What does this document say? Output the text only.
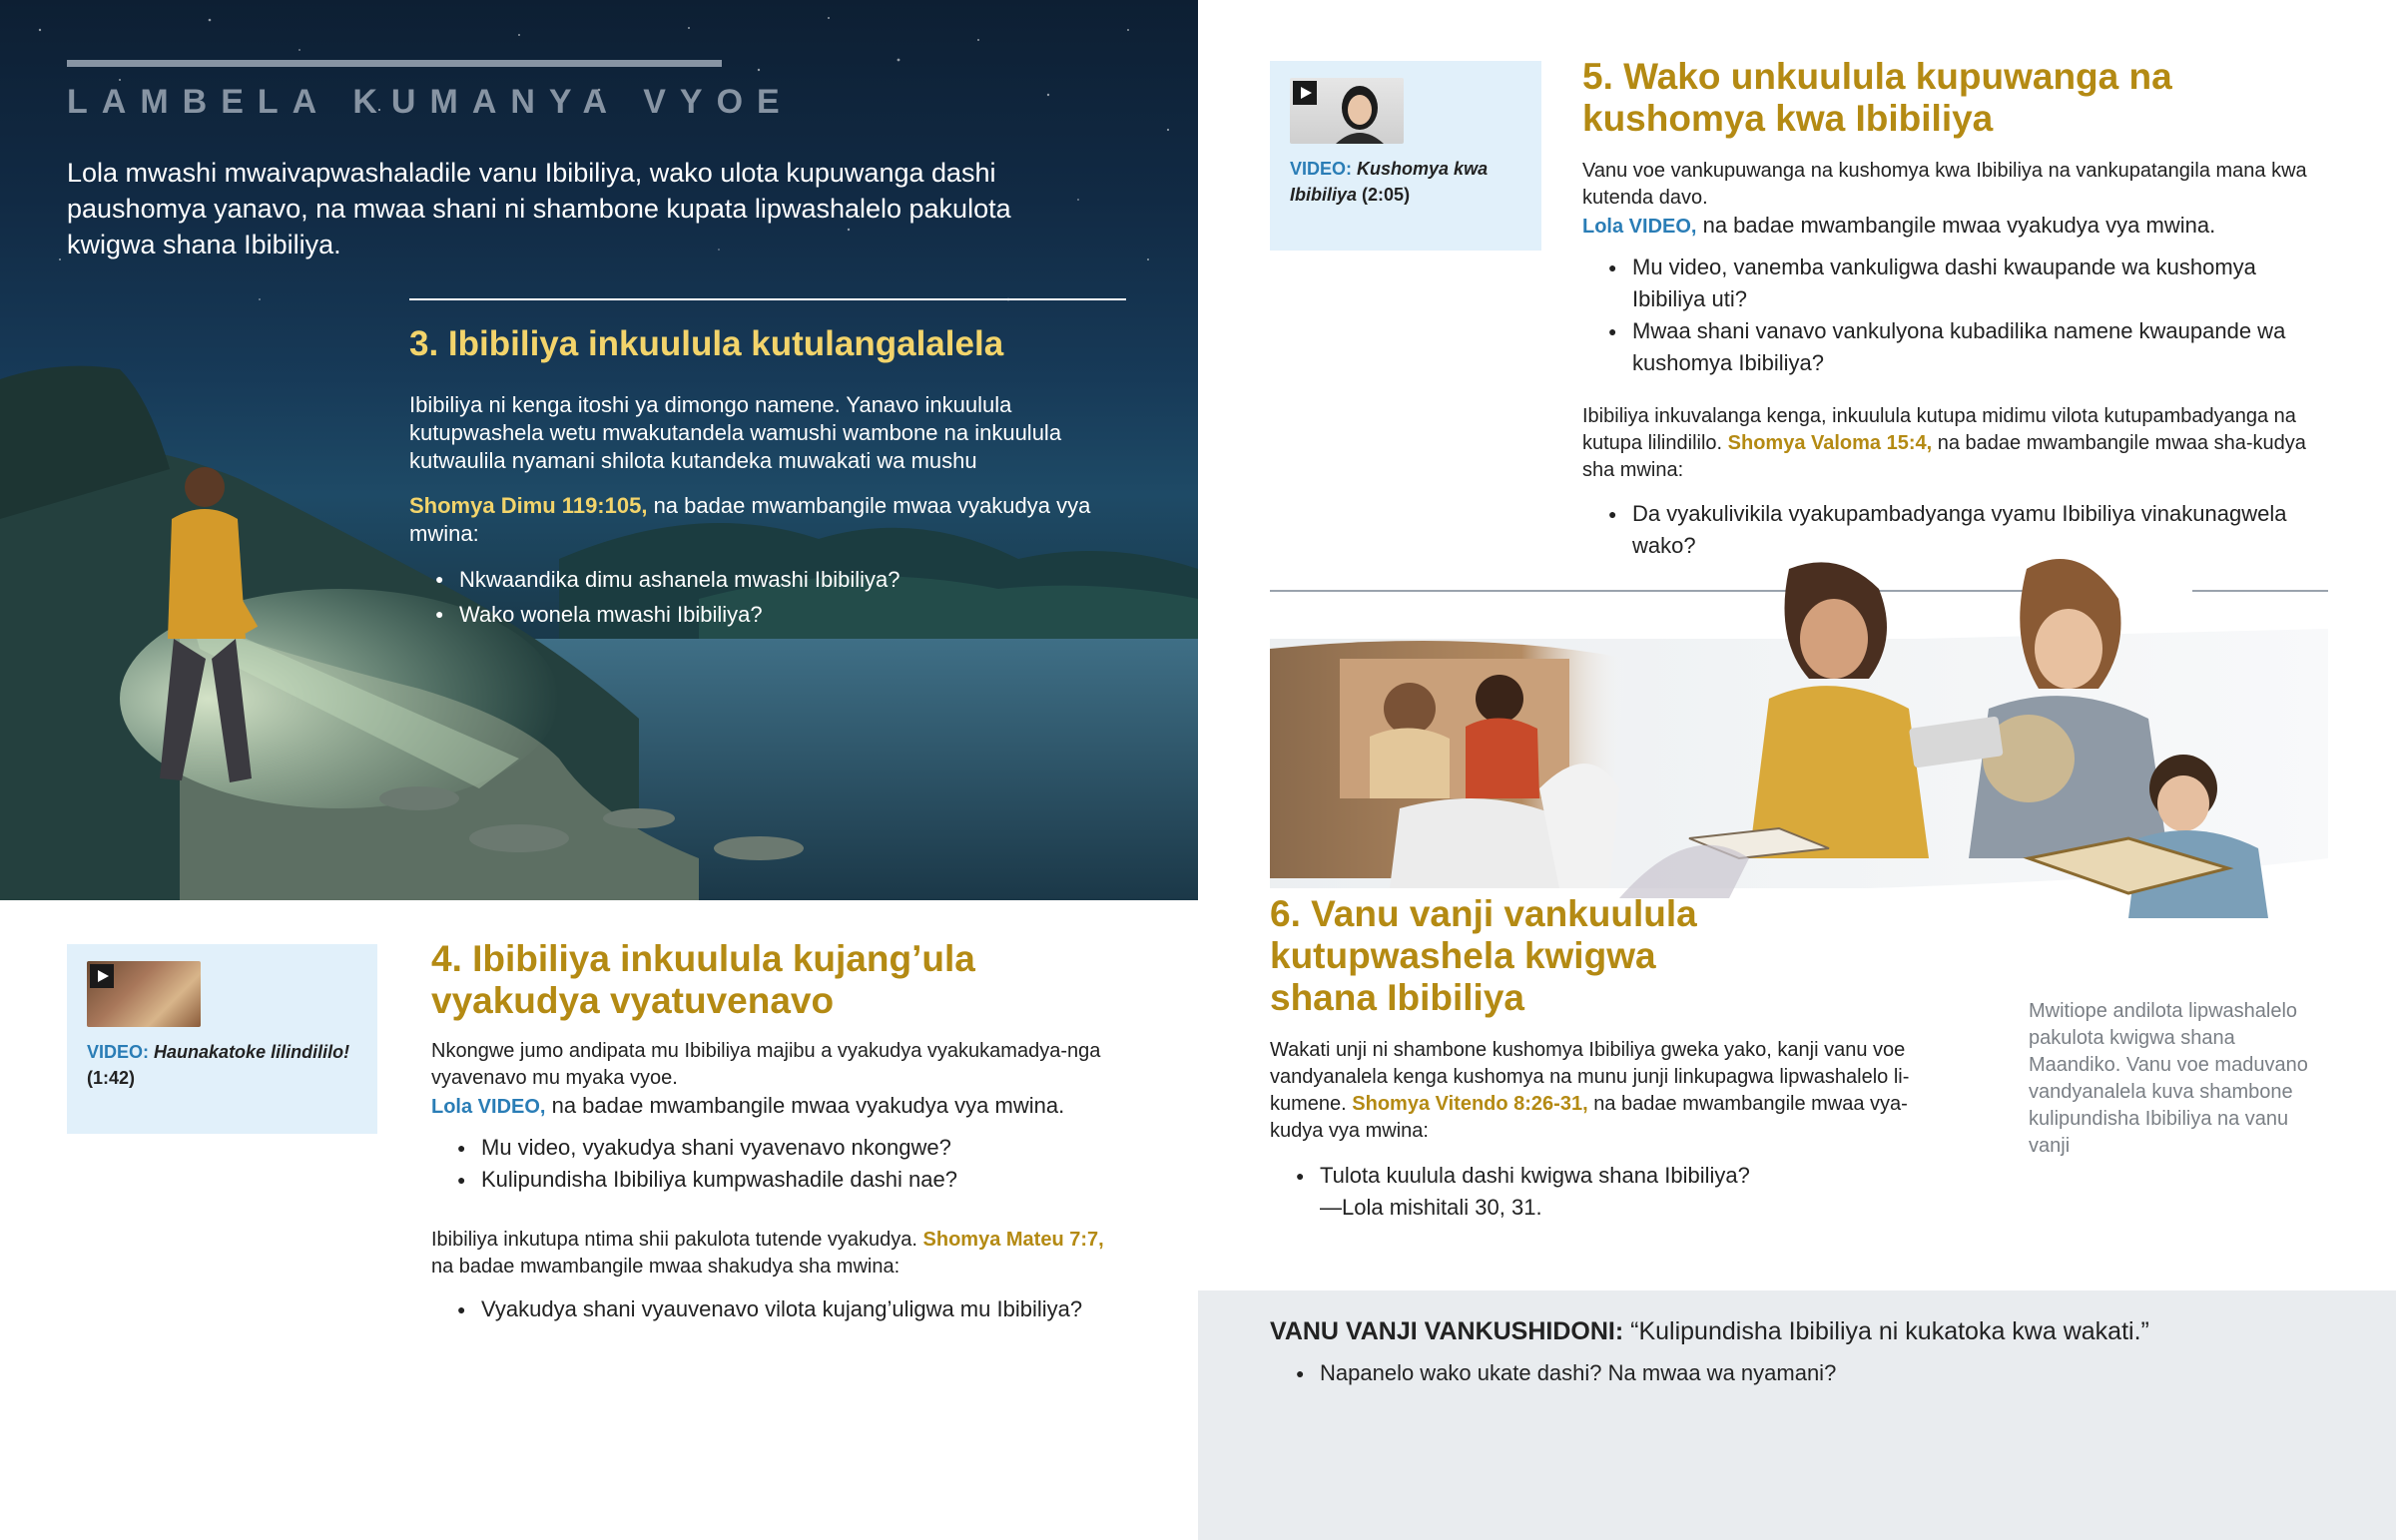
LAMBELA KUMANYA VYOE

Lola mwashi mwaivapwashaladile vanu Ibibiliya, wako ulota kupuwanga dashi paushomya yanavo, na mwaa shani ni shambone kupata lipwashalelo pakulota kwigwa shana Ibibiliya.

3. Ibibiliya inkuulula kutulangalalela

Ibibiliya ni kenga itoshi ya dimongo namene. Yanavo inkuulula kutupwashela wetu mwakutandela wamushi wambone na inkuulula kutwaulila nyamani shilota kutandeka muwakati wa mushu

Shomya Dimu 119:105, na badae mwambangile mwaa vyakudya vya mwina:

● Nkwaandika dimu ashanela mwashi Ibibiliya?
● Wako wonela mwashi Ibibiliya?
VIDEO: Haunakatoke lilindililo! (1:42)
4. Ibibiliya inkuulula kujang’ula vyakudya vyatuvenavo

Nkongwe jumo andipata mu Ibibiliya majibu a vyakudya vyakukamadya-nga vyavenavo mu myaka vyoe.
Lola VIDEO, na badae mwambangile mwaa vyakudya vya mwina.

● Mu video, vyakudya shani vyavenavo nkongwe?
● Kulipundisha Ibibiliya kumpwashadile dashi nae?

Ibibiliya inkutupa ntima shii pakulota tutende vyakudya. Shomya Mateu 7:7, na badae mwambangile mwaa shakudya sha mwina:

● Vyakudya shani vyauvenavo vilota kujang’uligwa mu Ibibiliya?
VIDEO: Kushomya kwa Ibibiliya (2:05)
5. Wako unkuulula kupuwanga na kushomya kwa Ibibiliya

Vanu voe vankupuwanga na kushomya kwa Ibibiliya na vankupatangila mana kwa kutenda davo.
Lola VIDEO, na badae mwambangile mwaa vyakudya vya mwina.

● Mu video, vanemba vankuligwa dashi kwaupande wa kushomya Ibibiliya uti?
● Mwaa shani vanavo vankulyona kubadilika namene kwaupande wa kushomya Ibibiliya?

Ibibiliya inkuvalanga kenga, inkuulula kutupa midimu vilota kutupambadyanga na kutupa lilindililo. Shomya Valoma 15:4, na badae mwambangile mwaa sha-kudya sha mwina:

● Da vyakulivikila vyakupambadyanga vyamu Ibibiliya vinakunagwela wako?
6. Vanu vanji vankuulula kutupwashela kwigwa shana Ibibiliya

Wakati unji ni shambone kushomya Ibibiliya gweka yako, kanji vanu voe vandyanalela kenga kushomya na munu junji linkupagwa lipwashalelo li-kumene. Shomya Vitendo 8:26-31, na badae mwambangile mwaa vya-kudya vya mwina:

● Tulota kuulula dashi kwigwa shana Ibibiliya?
—Lola mishitali 30, 31.

Mwitiope andilota lipwashalelo pakulota kwigwa shana Maandiko. Vanu voe maduvano vandyanalela kuva shambone kulipundisha Ibibiliya na vanu vanji

VANU VANJI VANKUSHIDONI: “Kulipundisha Ibibiliya ni kukatoka kwa wakati.”

● Napanelo wako ukate dashi? Na mwaa wa nyamani?
